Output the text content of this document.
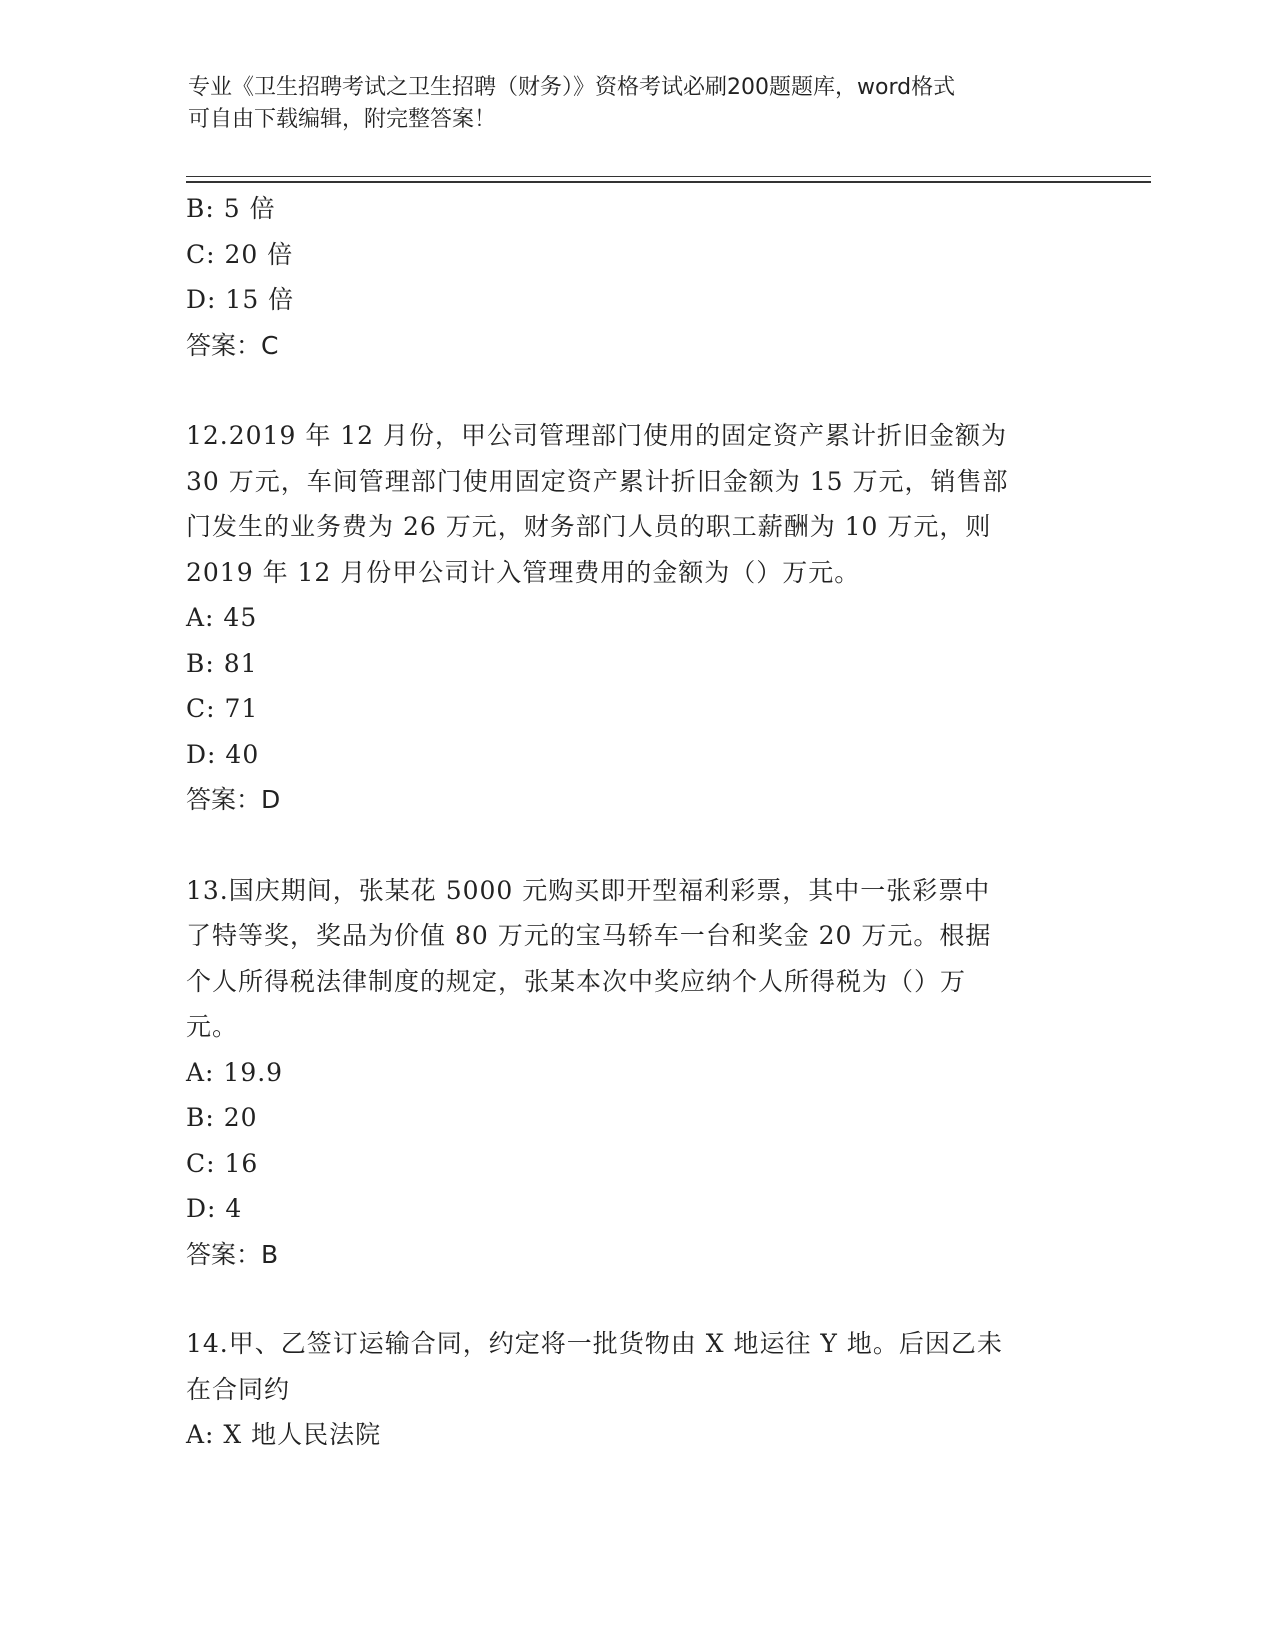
专业《卫生招聘考试之卫生招聘（财务）》资格考试必刷200题题库，word格式
可自由下载编辑，附完整答案！
B: 5 倍
C: 20 倍
D: 15 倍
答案：C
12.2019 年 12 月份，甲公司管理部门使用的固定资产累计折旧金额为
30 万元，车间管理部门使用固定资产累计折旧金额为 15 万元，销售部
门发生的业务费为 26 万元，财务部门人员的职工薪酬为 10 万元，则
2019 年 12 月份甲公司计入管理费用的金额为（）万元。
A: 45
B: 81
C: 71
D: 40
答案：D
13.国庆期间，张某花 5000 元购买即开型福利彩票，其中一张彩票中
了特等奖，奖品为价值 80 万元的宝马轿车一台和奖金 20 万元。根据
个人所得税法律制度的规定，张某本次中奖应纳个人所得税为（）万
元。
A: 19.9
B: 20
C: 16
D: 4
答案：B
14.甲、乙签订运输合同，约定将一批货物由 X 地运往 Y 地。后因乙未
在合同约
A: X 地人民法院
